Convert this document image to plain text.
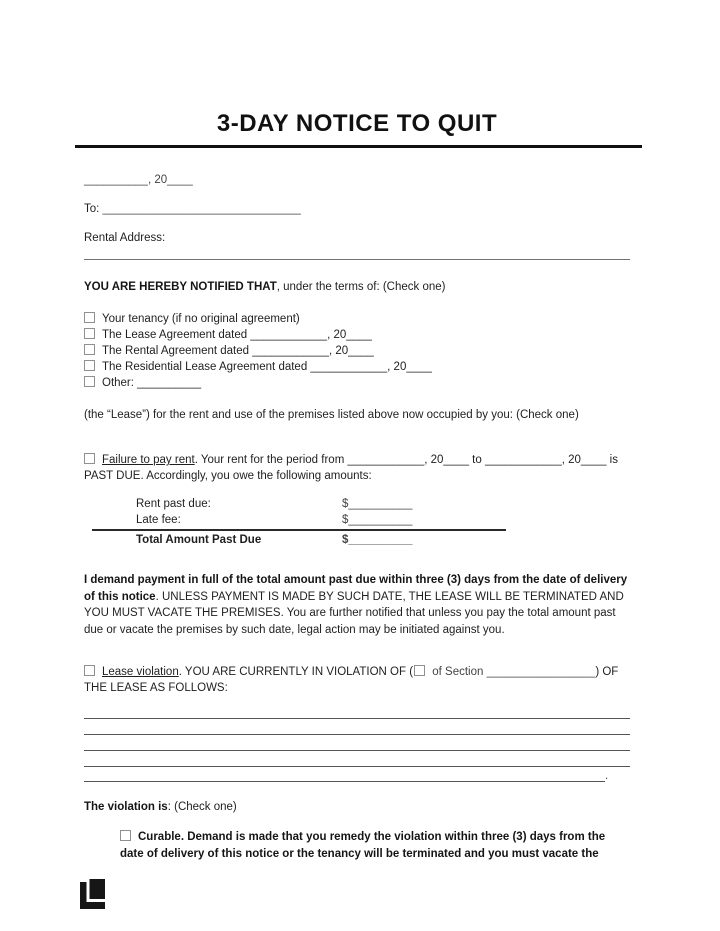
3-DAY NOTICE TO QUIT

__________, 20____

To: _______________________________

Rental Address:

YOU ARE HEREBY NOTIFIED THAT, under the terms of: (Check one)

Your tenancy (if no original agreement)
The Lease Agreement dated ____________, 20____
The Rental Agreement dated ____________, 20____
The Residential Lease Agreement dated ____________, 20____
Other: __________

(the “Lease”) for the rent and use of the premises listed above now occupied by you: (Check one)

Failure to pay rent. Your rent for the period from ____________, 20____ to ____________, 20____ is PAST DUE. Accordingly, you owe the following amounts:

Rent past due:	$__________
Late fee:	$__________
Total Amount Past Due	$__________

I demand payment in full of the total amount past due within three (3) days from the date of delivery of this notice. UNLESS PAYMENT IS MADE BY SUCH DATE, THE LEASE WILL BE TERMINATED AND YOU MUST VACATE THE PREMISES. You are further notified that unless you pay the total amount past due or vacate the premises by such date, legal action may be initiated against you.

Lease violation. YOU ARE CURRENTLY IN VIOLATION OF ( of Section _________________) OF THE LEASE AS FOLLOWS:

.

The violation is: (Check one)

Curable. Demand is made that you remedy the violation within three (3) days from the date of delivery of this notice or the tenancy will be terminated and you must vacate the
